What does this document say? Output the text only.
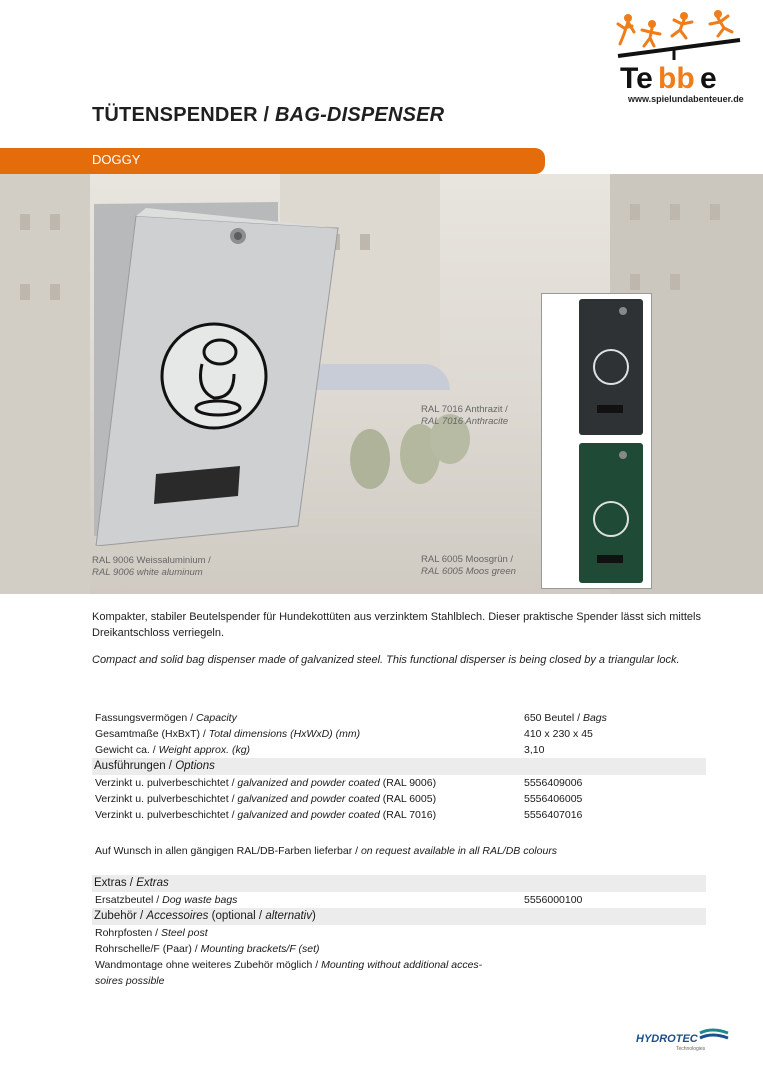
Te bb e
www.spielundabenteuer.de
TÜTENSPENDER / BAG-DISPENSER
DOGGY
RAL 7016 Anthrazit /
RAL 7016 Anthracite
RAL 9006 Weissaluminium /
RAL 9006 white aluminum
RAL 6005 Moosgrün /
RAL 6005 Moos green
Kompakter, stabiler Beutelspender für Hundekottüten aus verzinktem Stahlblech. Dieser praktische Spender lässt sich mittels Dreikantschloss verriegeln.
Compact and solid bag dispenser made of galvanized steel. This functional disperser is being closed by a triangular lock.
Fassungsvermögen / Capacity	650 Beutel / Bags
Gesamtmaße (HxBxT) / Total dimensions (HxWxD) (mm)	410 x 230 x 45
Gewicht ca. / Weight approx. (kg)	3,10
Ausführungen / Options
Verzinkt u. pulverbeschichtet / galvanized and powder coated (RAL 9006)	5556409006
Verzinkt u. pulverbeschichtet / galvanized and powder coated (RAL 6005)	5556406005
Verzinkt u. pulverbeschichtet / galvanized and powder coated (RAL 7016)	5556407016
Auf Wunsch in allen gängigen RAL/DB-Farben lieferbar / on request available in all RAL/DB colours
Extras / Extras
Ersatzbeutel / Dog waste bags	5556000100
Zubehör / Accessoires (optional / alternativ)
Rohrpfosten / Steel post
Rohrschelle/F (Paar) / Mounting brackets/F (set)
Wandmontage ohne weiteres Zubehör möglich / Mounting without additional acces-
soires possible
HYDROTEC
Technologies
